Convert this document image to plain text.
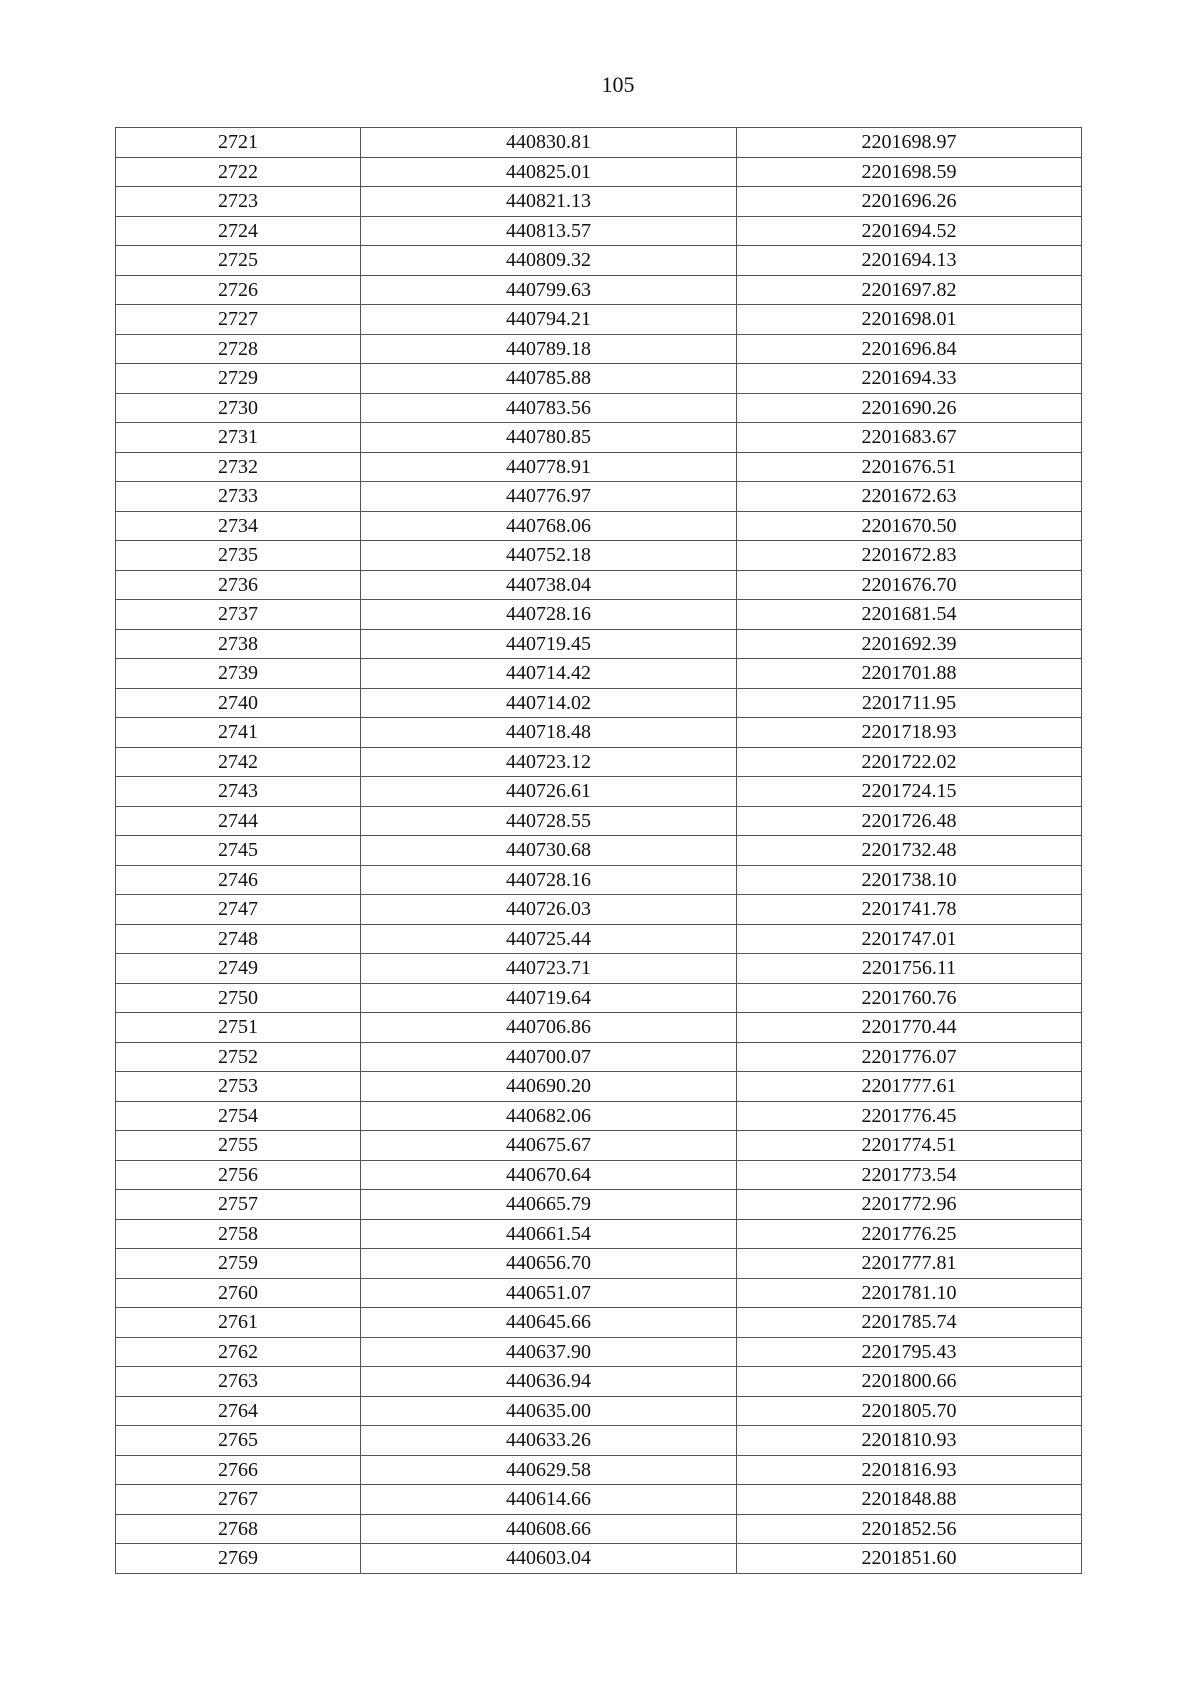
105
2721	440830.81	2201698.97
2722	440825.01	2201698.59
2723	440821.13	2201696.26
2724	440813.57	2201694.52
2725	440809.32	2201694.13
2726	440799.63	2201697.82
2727	440794.21	2201698.01
2728	440789.18	2201696.84
2729	440785.88	2201694.33
2730	440783.56	2201690.26
2731	440780.85	2201683.67
2732	440778.91	2201676.51
2733	440776.97	2201672.63
2734	440768.06	2201670.50
2735	440752.18	2201672.83
2736	440738.04	2201676.70
2737	440728.16	2201681.54
2738	440719.45	2201692.39
2739	440714.42	2201701.88
2740	440714.02	2201711.95
2741	440718.48	2201718.93
2742	440723.12	2201722.02
2743	440726.61	2201724.15
2744	440728.55	2201726.48
2745	440730.68	2201732.48
2746	440728.16	2201738.10
2747	440726.03	2201741.78
2748	440725.44	2201747.01
2749	440723.71	2201756.11
2750	440719.64	2201760.76
2751	440706.86	2201770.44
2752	440700.07	2201776.07
2753	440690.20	2201777.61
2754	440682.06	2201776.45
2755	440675.67	2201774.51
2756	440670.64	2201773.54
2757	440665.79	2201772.96
2758	440661.54	2201776.25
2759	440656.70	2201777.81
2760	440651.07	2201781.10
2761	440645.66	2201785.74
2762	440637.90	2201795.43
2763	440636.94	2201800.66
2764	440635.00	2201805.70
2765	440633.26	2201810.93
2766	440629.58	2201816.93
2767	440614.66	2201848.88
2768	440608.66	2201852.56
2769	440603.04	2201851.60
